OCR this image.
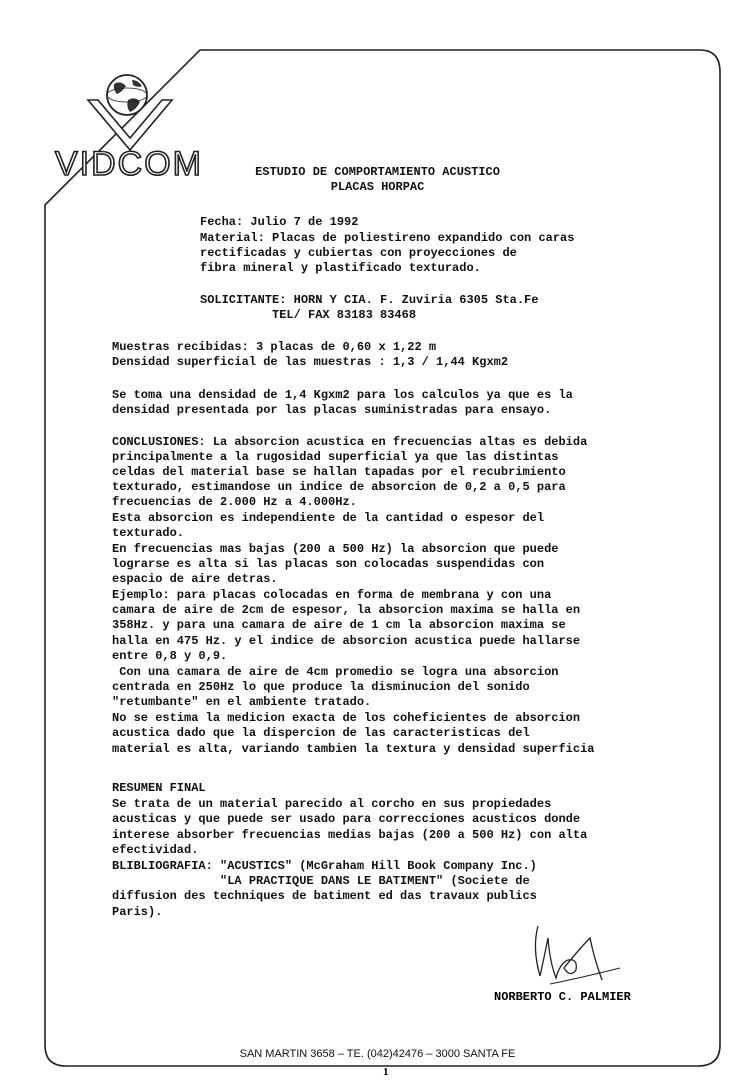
VIDCOM	ESTUDIO DE COMPORTAMIENTO ACUSTICO
PLACAS HORPAC
Fecha: Julio 7 de 1992
Material: Placas de poliestireno expandido con caras
rectificadas y cubiertas con proyecciones de
fibra mineral y plastificado texturado.
SOLICITANTE: HORN Y CIA. F. Zuviria 6305 Sta.Fe
TEL/ FAX 83183 83468
Muestras recibidas: 3 placas de 0,60 x 1,22 m
Densidad superficial de las muestras : 1,3 / 1,44 Kgxm2
Se toma una densidad de 1,4 Kgxm2 para los calculos ya que es la
densidad presentada por las placas suministradas para ensayo.
CONCLUSIONES: La absorcion acustica en frecuencias altas es debida
principalmente a la rugosidad superficial ya que las distintas
celdas del material base se hallan tapadas por el recubrimiento
texturado, estimandose un indice de absorcion de 0,2 a 0,5 para
frecuencias de 2.000 Hz a 4.000Hz.
Esta absorcion es independiente de la cantidad o espesor del
texturado.
En frecuencias mas bajas (200 a 500 Hz) la absorcion que puede
lograrse es alta si las placas son colocadas suspendidas con
espacio de aire detras.
Ejemplo: para placas colocadas en forma de membrana y con una
camara de aire de 2cm de espesor, la absorcion maxima se halla en
358Hz. y para una camara de aire de 1 cm la absorcion maxima se
halla en 475 Hz. y el indice de absorcion acustica puede hallarse
entre 0,8 y 0,9.
Con una camara de aire de 4cm promedio se logra una absorcion
centrada en 250Hz lo que produce la disminucion del sonido
"retumbante" en el ambiente tratado.
No se estima la medicion exacta de los coheficientes de absorcion
acustica dado que la dispercion de las caracteristicas del
material es alta, variando tambien la textura y densidad superficia
RESUMEN FINAL
Se trata de un material parecido al corcho en sus propiedades
acusticas y que puede ser usado para correcciones acusticos donde
interese absorber frecuencias medias bajas (200 a 500 Hz) con alta
efectividad.
BLIBLIOGRAFIA: "ACUSTICS" (McGraham Hill Book Company Inc.)
"LA PRACTIQUE DANS LE BATIMENT" (Societe de
diffusion des techniques de batiment ed das travaux publics
Paris).
NORBERTO C. PALMIER
SAN MARTIN 3658 – TE. (042)42476 – 3000 SANTA FE
1
